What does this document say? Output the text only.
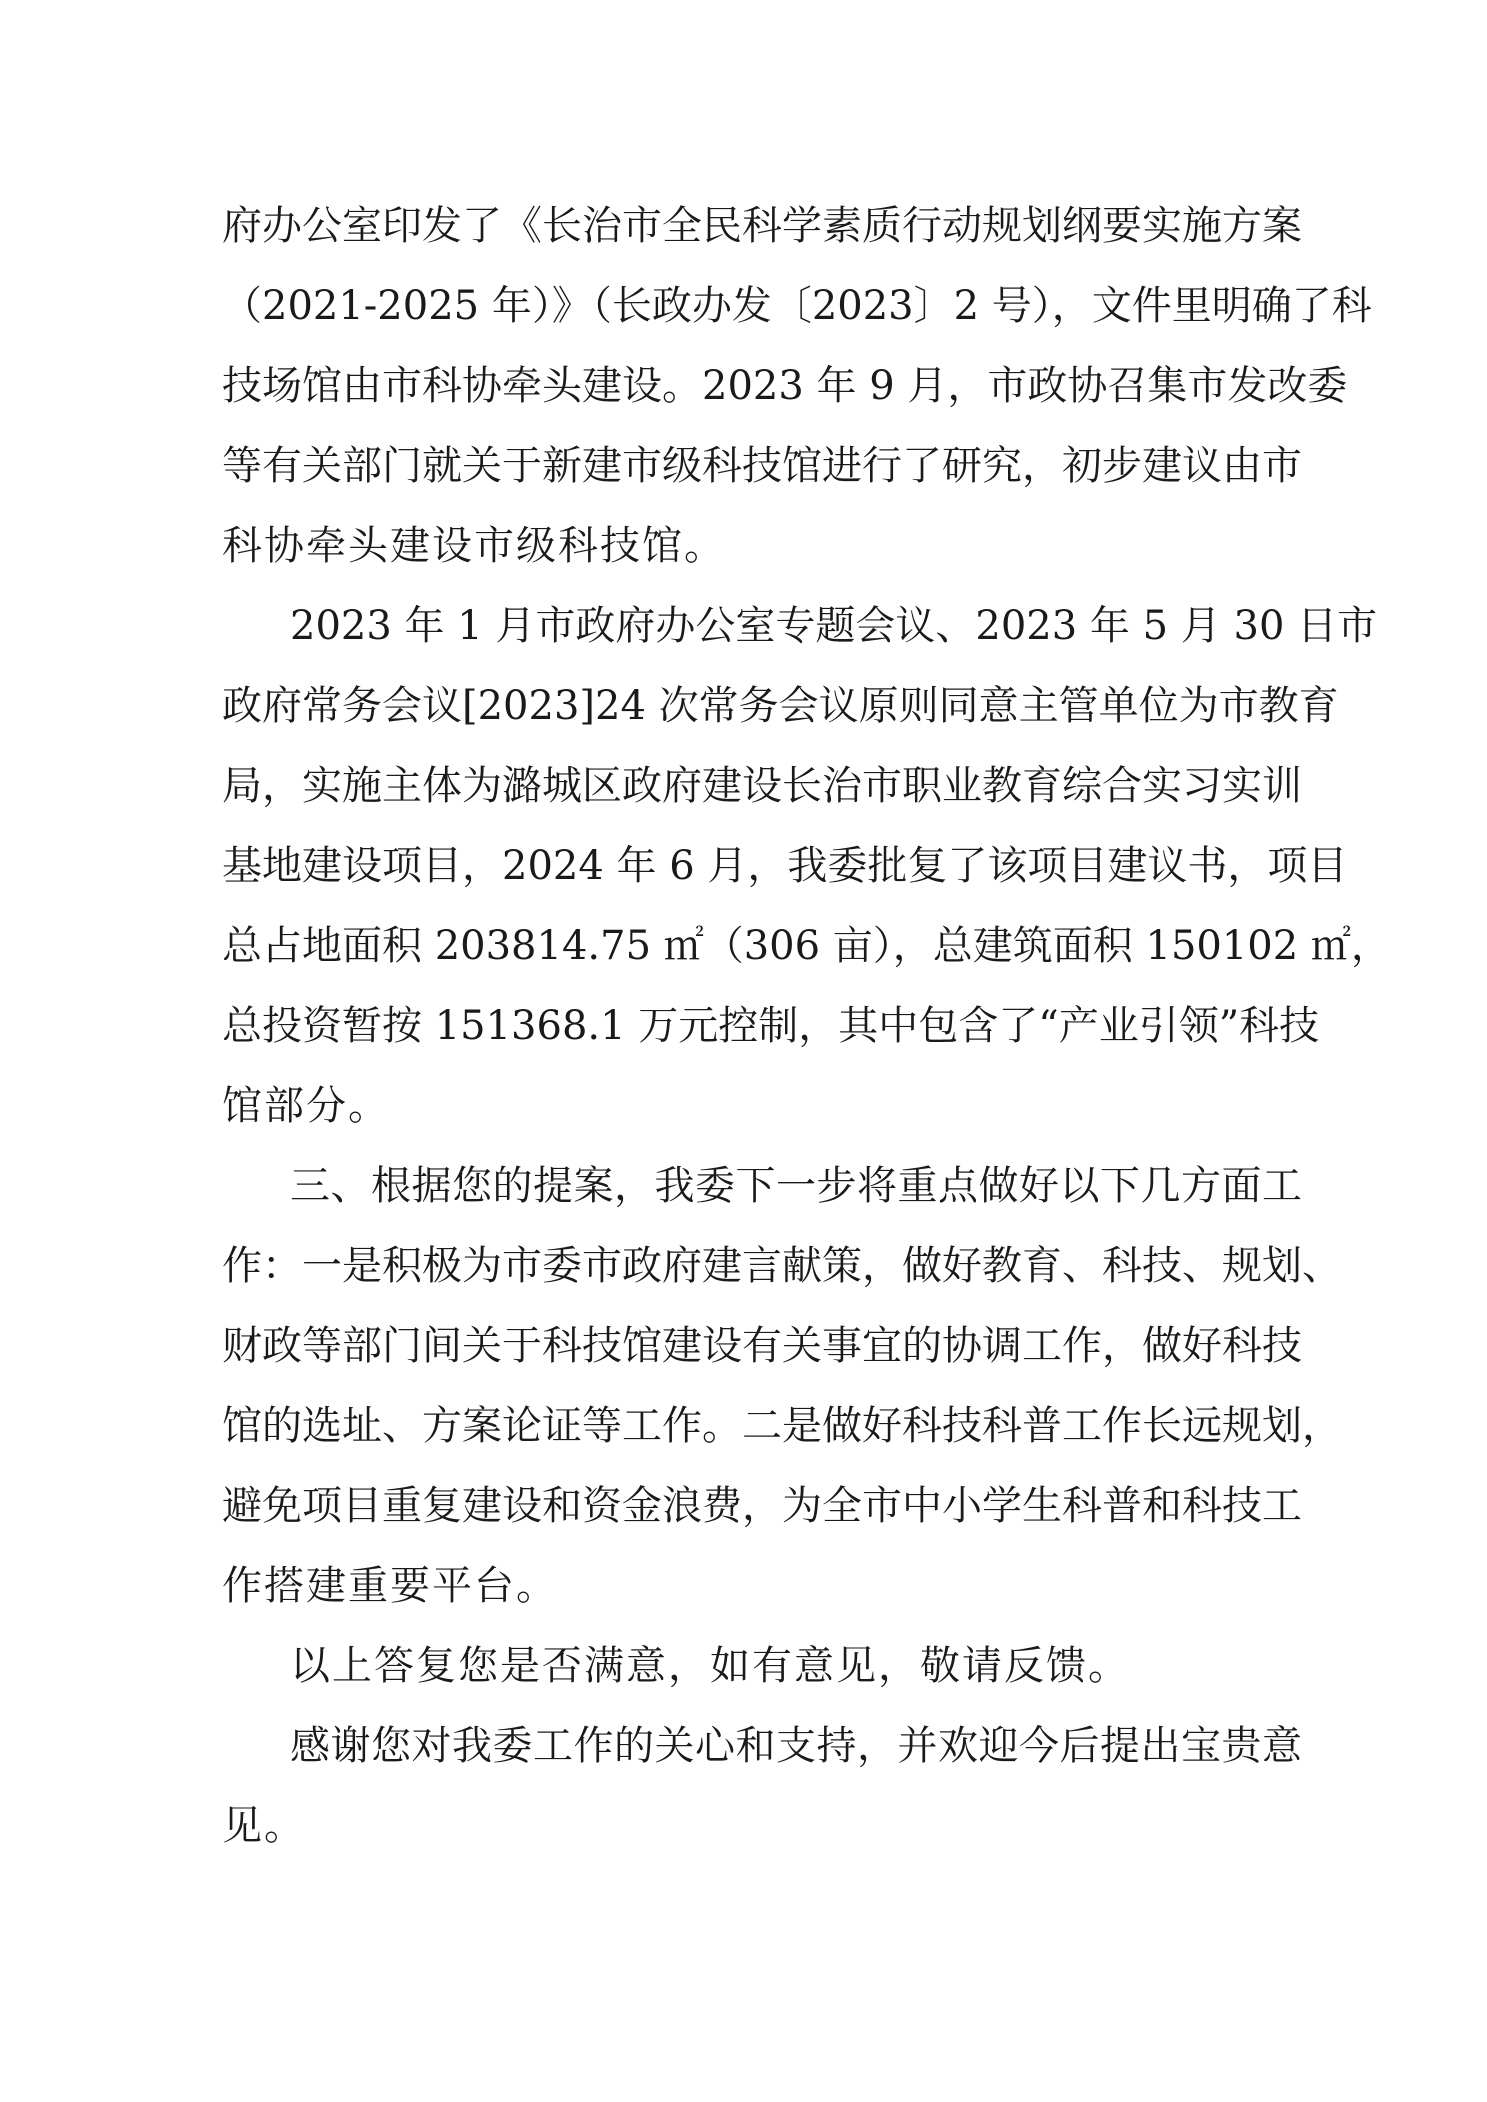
府办公室印发了《长治市全民科学素质行动规划纲要实施方案

（2021-2025 年）》（长政办发〔2023〕2 号），文件里明确了科

技场馆由市科协牵头建设。2023 年 9 月，市政协召集市发改委

等有关部门就关于新建市级科技馆进行了研究，初步建议由市

科协牵头建设市级科技馆。

2023 年 1 月市政府办公室专题会议、2023 年 5 月 30 日市

政府常务会议[2023]24 次常务会议原则同意主管单位为市教育

局，实施主体为潞城区政府建设长治市职业教育综合实习实训

基地建设项目，2024 年 6 月，我委批复了该项目建议书，项目

总占地面积 203814.75 ㎡（306 亩），总建筑面积 150102 ㎡，

总投资暂按 151368.1 万元控制，其中包含了“产业引领”科技

馆部分。

三、根据您的提案，我委下一步将重点做好以下几方面工

作：一是积极为市委市政府建言献策，做好教育、科技、规划、

财政等部门间关于科技馆建设有关事宜的协调工作，做好科技

馆的选址、方案论证等工作。二是做好科技科普工作长远规划，

避免项目重复建设和资金浪费，为全市中小学生科普和科技工

作搭建重要平台。

以上答复您是否满意，如有意见，敬请反馈。

感谢您对我委工作的关心和支持，并欢迎今后提出宝贵意

见。
